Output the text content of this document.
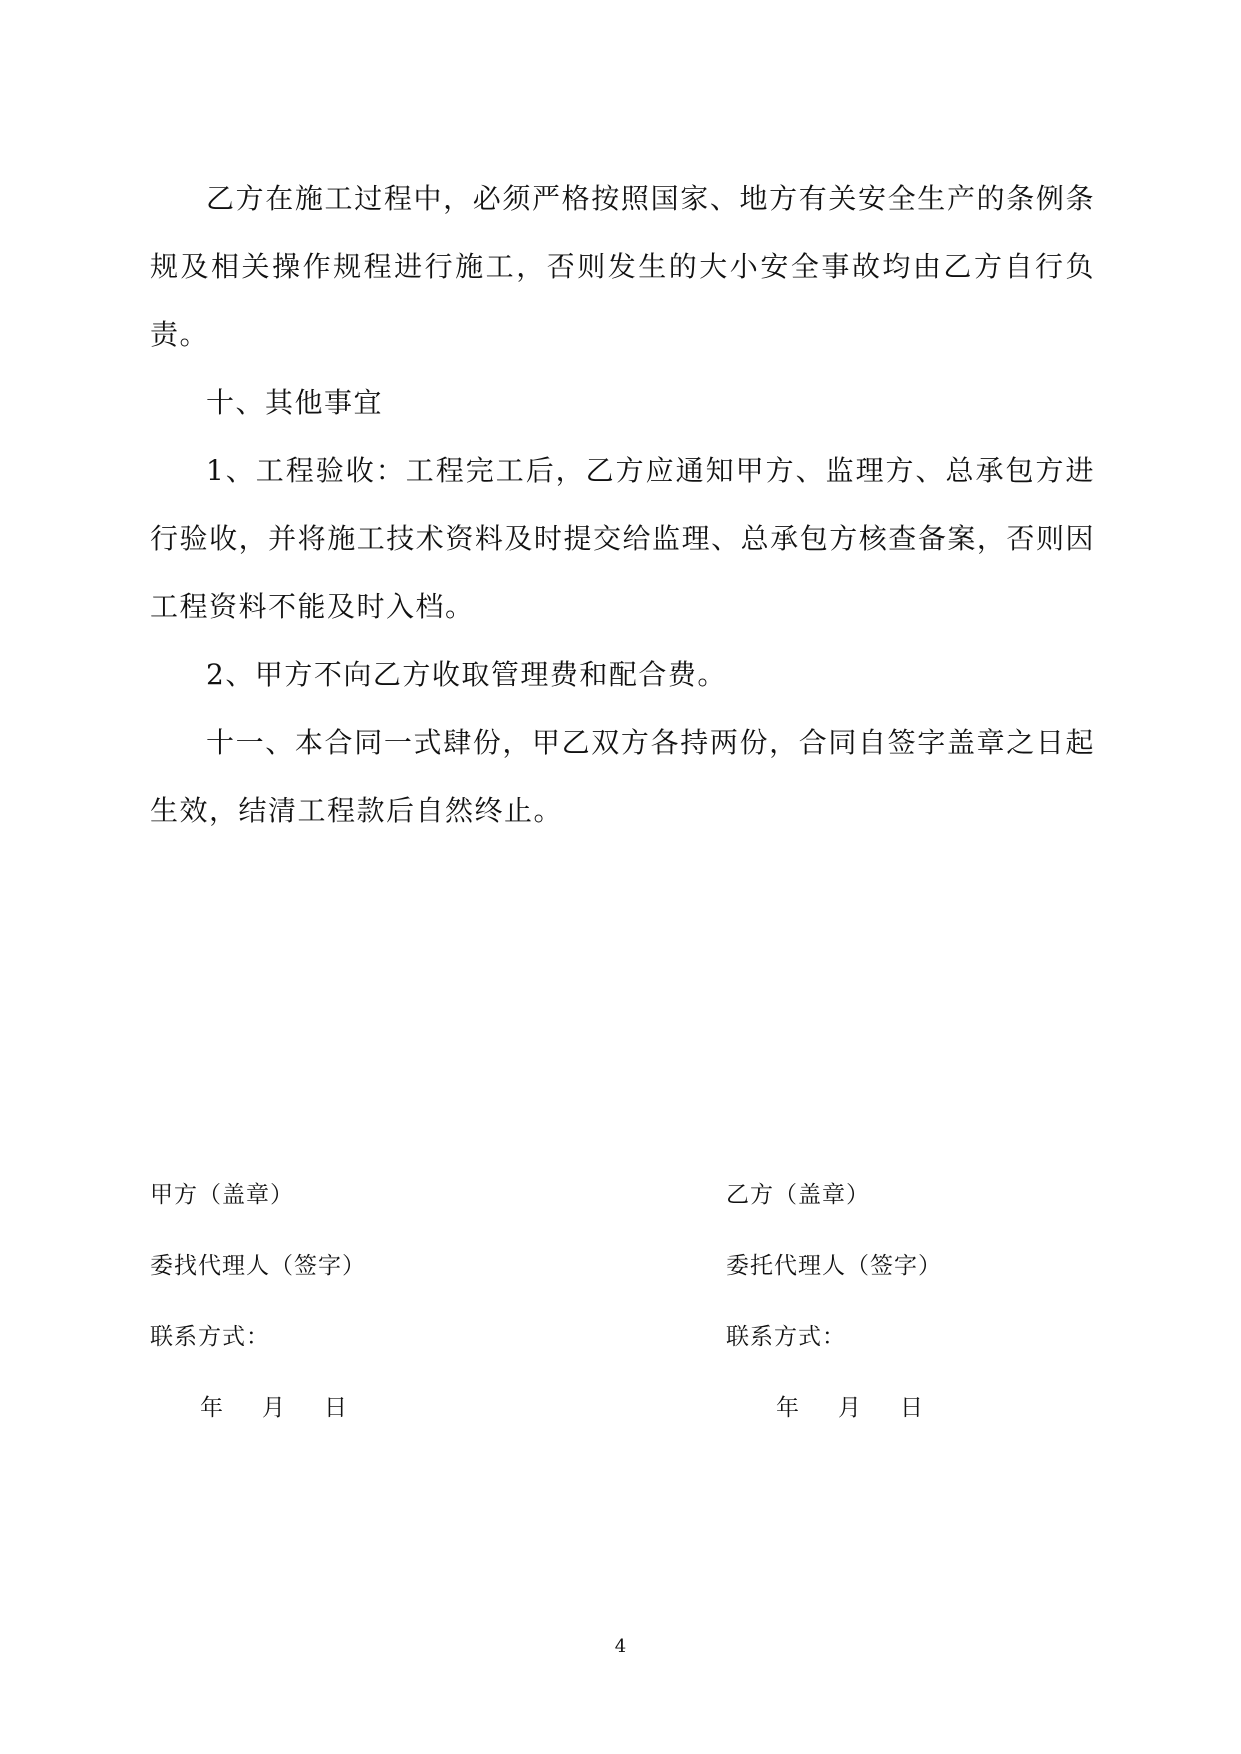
乙方在施工过程中，必须严格按照国家、地方有关安全生产的条例条规及相关操作规程进行施工，否则发生的大小安全事故均由乙方自行负责。

十、其他事宜

1、工程验收：工程完工后，乙方应通知甲方、监理方、总承包方进行验收，并将施工技术资料及时提交给监理、总承包方核查备案，否则因工程资料不能及时入档。

2、甲方不向乙方收取管理费和配合费。

十一、本合同一式肆份，甲乙双方各持两份，合同自签字盖章之日起生效，结清工程款后自然终止。

甲方（盖章）

委找代理人（签字）

联系方式：

年 月 日

乙方（盖章）

委托代理人（签字）

联系方式：

年 月 日

4
